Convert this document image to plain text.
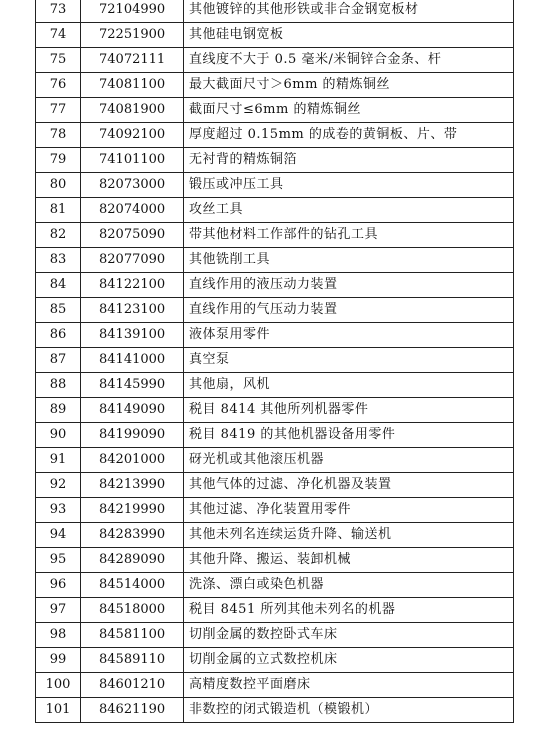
73	72104990	其他镀锌的其他形铁或非合金钢宽板材
74	72251900	其他硅电钢宽板
75	74072111	直线度不大于 0.5 毫米/米铜锌合金条、杆
76	74081100	最大截面尺寸＞6mm 的精炼铜丝
77	74081900	截面尺寸≤6mm 的精炼铜丝
78	74092100	厚度超过 0.15mm 的成卷的黄铜板、片、带
79	74101100	无衬背的精炼铜箔
80	82073000	锻压或冲压工具
81	82074000	攻丝工具
82	82075090	带其他材料工作部件的钻孔工具
83	82077090	其他铣削工具
84	84122100	直线作用的液压动力装置
85	84123100	直线作用的气压动力装置
86	84139100	液体泵用零件
87	84141000	真空泵
88	84145990	其他扇，风机
89	84149090	税目 8414 其他所列机器零件
90	84199090	税目 8419 的其他机器设备用零件
91	84201000	砑光机或其他滚压机器
92	84213990	其他气体的过滤、净化机器及装置
93	84219990	其他过滤、净化装置用零件
94	84283990	其他未列名连续运货升降、输送机
95	84289090	其他升降、搬运、装卸机械
96	84514000	洗涤、漂白或染色机器
97	84518000	税目 8451 所列其他未列名的机器
98	84581100	切削金属的数控卧式车床
99	84589110	切削金属的立式数控机床
100	84601210	高精度数控平面磨床
101	84621190	非数控的闭式锻造机（模锻机）
